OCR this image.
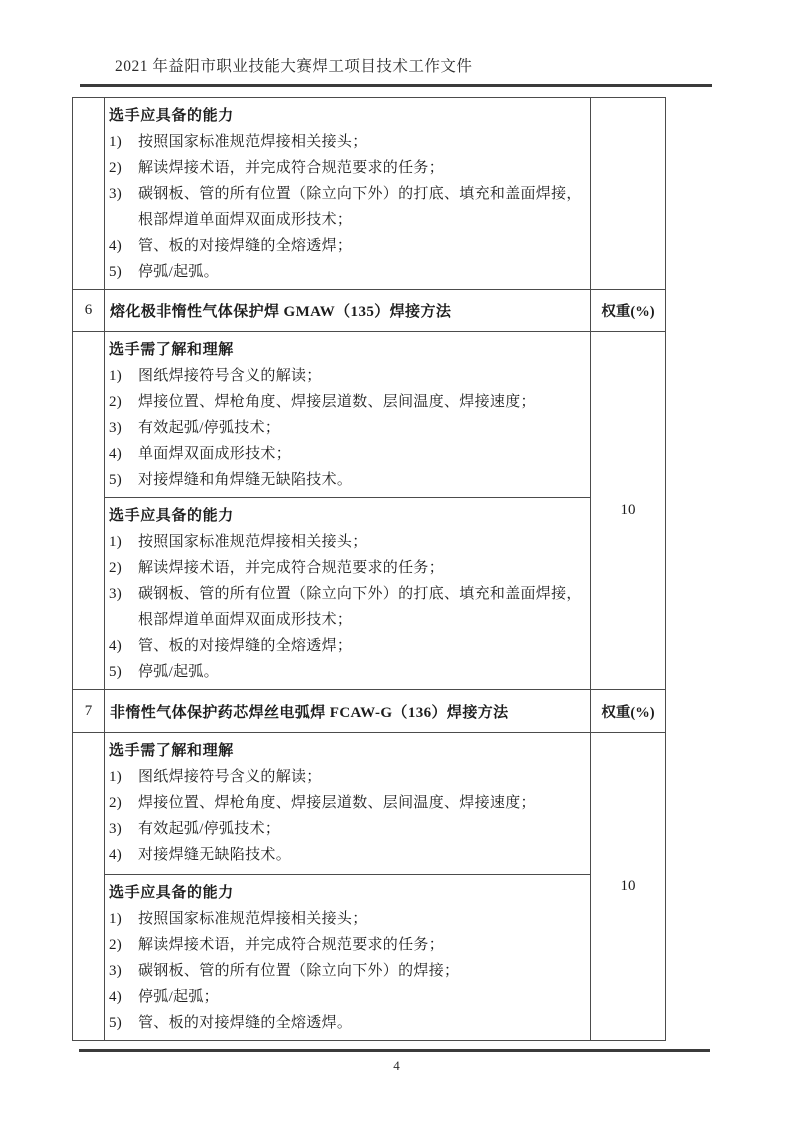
2021 年益阳市职业技能大赛焊工项目技术工作文件

选手应具备的能力
1)	按照国家标准规范焊接相关接头；
2)	解读焊接术语，并完成符合规范要求的任务；
3)	碳钢板、管的所有位置（除立向下外）的打底、填充和盖面焊接，根部焊道单面焊双面成形技术；
4)	管、板的对接焊缝的全熔透焊；
5)	停弧/起弧。

6	熔化极非惰性气体保护焊 GMAW（135）焊接方法	权重(%)

选手需了解和理解
1)	图纸焊接符号含义的解读；
2)	焊接位置、焊枪角度、焊接层道数、层间温度、焊接速度；
3)	有效起弧/停弧技术；
4)	单面焊双面成形技术；
5)	对接焊缝和角焊缝无缺陷技术。
	10

选手应具备的能力
1)	按照国家标准规范焊接相关接头；
2)	解读焊接术语，并完成符合规范要求的任务；
3)	碳钢板、管的所有位置（除立向下外）的打底、填充和盖面焊接，根部焊道单面焊双面成形技术；
4)	管、板的对接焊缝的全熔透焊；
5)	停弧/起弧。

7	非惰性气体保护药芯焊丝电弧焊 FCAW-G（136）焊接方法	权重(%)

选手需了解和理解
1)	图纸焊接符号含义的解读；
2)	焊接位置、焊枪角度、焊接层道数、层间温度、焊接速度；
3)	有效起弧/停弧技术；
4)	对接焊缝无缺陷技术。
	10

选手应具备的能力
1)	按照国家标准规范焊接相关接头；
2)	解读焊接术语，并完成符合规范要求的任务；
3)	碳钢板、管的所有位置（除立向下外）的焊接；
4)	停弧/起弧；
5)	管、板的对接焊缝的全熔透焊。
4
